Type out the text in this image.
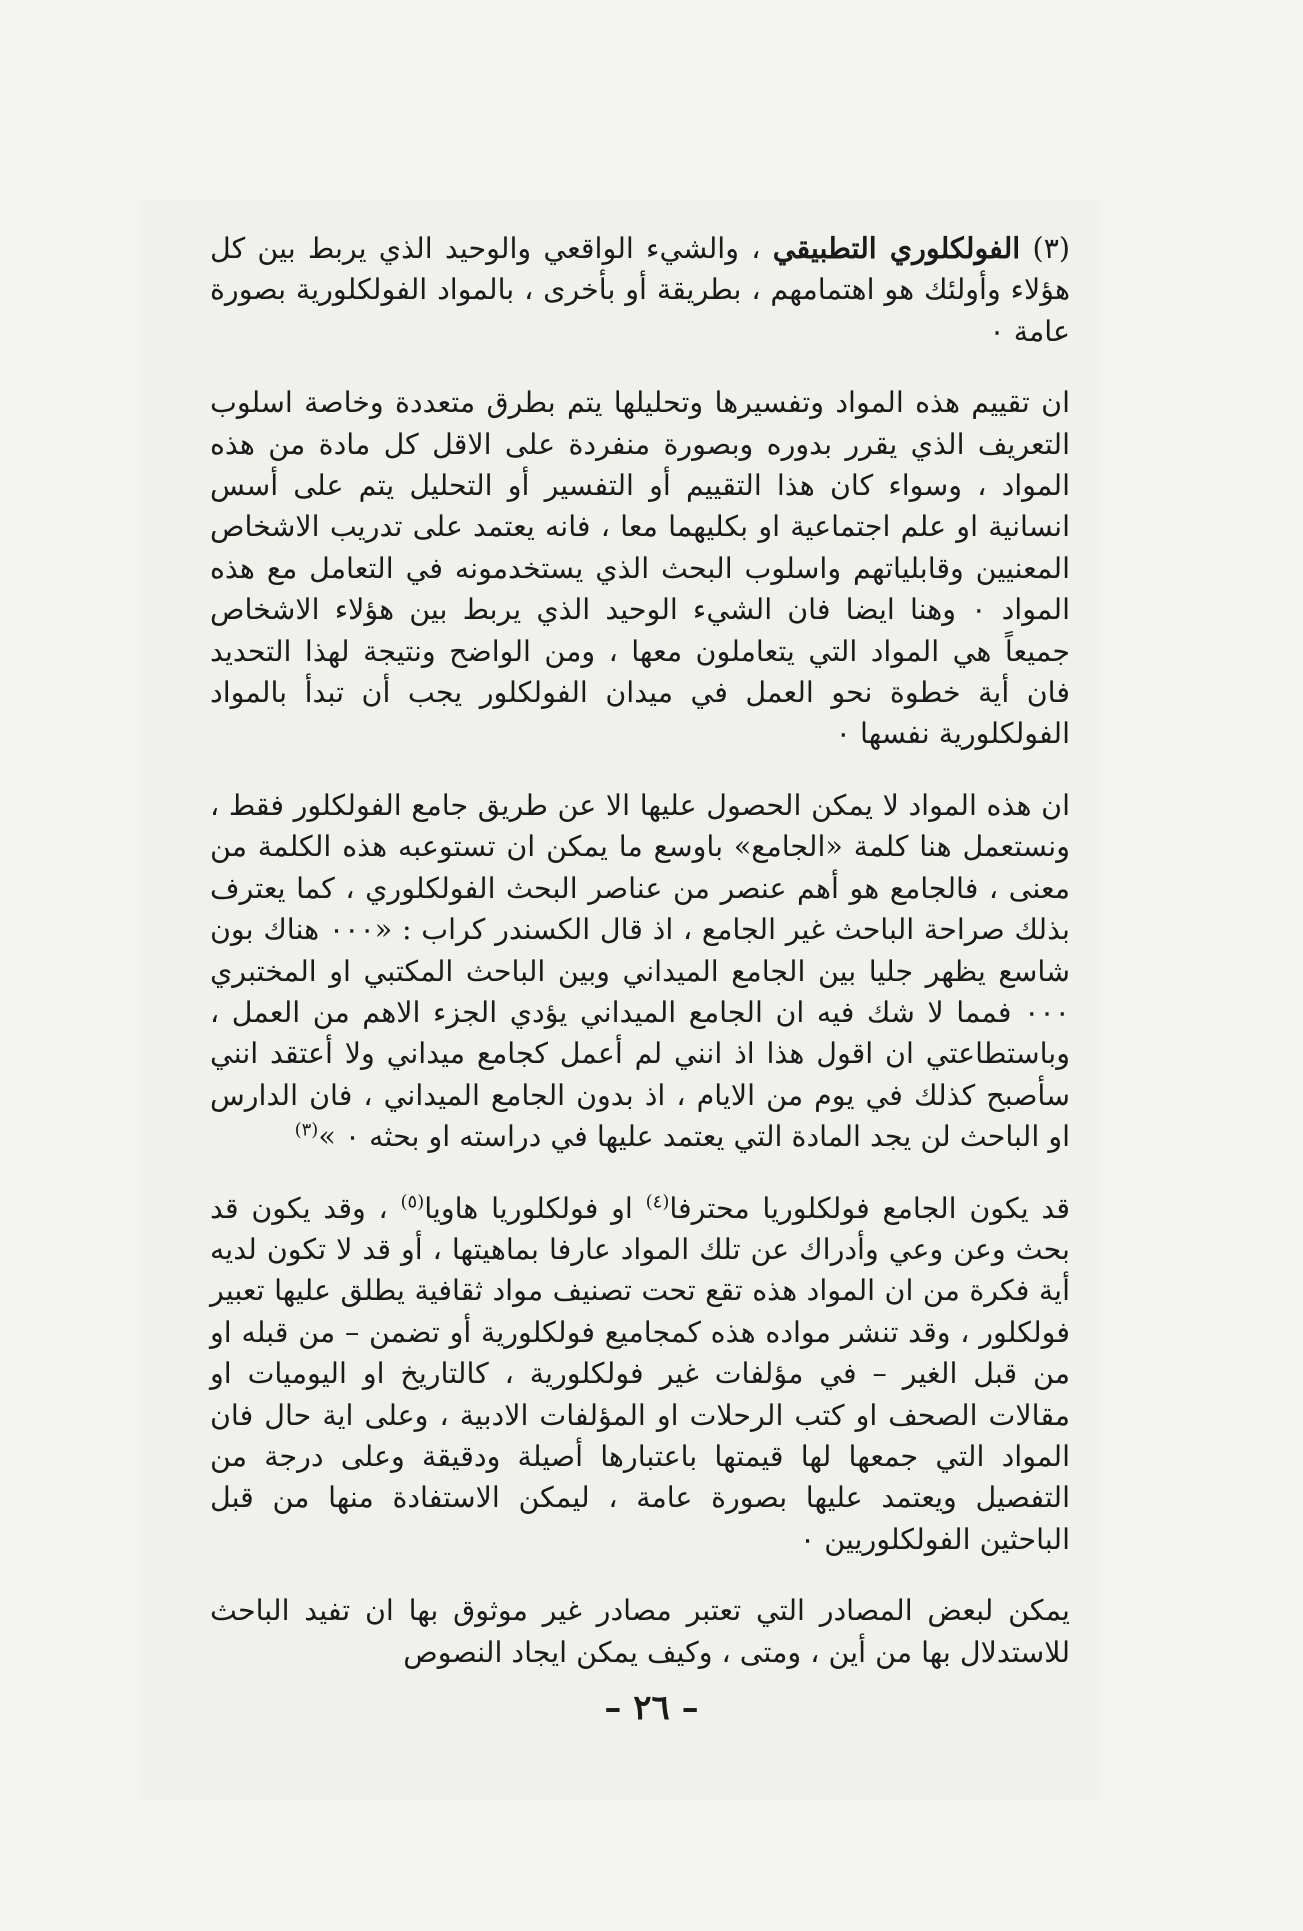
(٣) الفولكلوري التطبيقي ، والشيء الواقعي والوحيد الذي يربط بين كل هؤلاء وأولئك هو اهتمامهم ، بطريقة أو بأخرى ، بالمواد الفولكلورية بصورة عامة ٠

ان تقييم هذه المواد وتفسيرها وتحليلها يتم بطرق متعددة وخاصة اسلوب التعريف الذي يقرر بدوره وبصورة منفردة على الاقل كل مادة من هذه المواد ، وسواء كان هذا التقييم أو التفسير أو التحليل يتم على أسس انسانية او علم اجتماعية او بكليهما معا ، فانه يعتمد على تدريب الاشخاص المعنيين وقابلياتهم واسلوب البحث الذي يستخدمونه في التعامل مع هذه المواد ٠ وهنا ايضا فان الشيء الوحيد الذي يربط بين هؤلاء الاشخاص جميعاً هي المواد التي يتعاملون معها ، ومن الواضح ونتيجة لهذا التحديد فان أية خطوة نحو العمل في ميدان الفولكلور يجب أن تبدأ بالمواد الفولكلورية نفسها ٠

ان هذه المواد لا يمكن الحصول عليها الا عن طريق جامع الفولكلور فقط ، ونستعمل هنا كلمة «الجامع» باوسع ما يمكن ان تستوعبه هذه الكلمة من معنى ، فالجامع هو أهم عنصر من عناصر البحث الفولكلوري ، كما يعترف بذلك صراحة الباحث غير الجامع ، اذ قال الكسندر كراب : «٠٠٠ هناك بون شاسع يظهر جليا بين الجامع الميداني وبين الباحث المكتبي او المختبري ٠٠٠ فمما لا شك فيه ان الجامع الميداني يؤدي الجزء الاهم من العمل ، وباستطاعتي ان اقول هذا اذ انني لم أعمل كجامع ميداني ولا أعتقد انني سأصبح كذلك في يوم من الايام ، اذ بدون الجامع الميداني ، فان الدارس او الباحث لن يجد المادة التي يعتمد عليها في دراسته او بحثه ٠ »$^{(٣)}$

قد يكون الجامع فولكلوريا محترفا$^{(٤)}$ او فولكلوريا هاويا$^{(٥)}$ ، وقد يكون قد بحث وعن وعي وأدراك عن تلك المواد عارفا بماهيتها ، أو قد لا تكون لديه أية فكرة من ان المواد هذه تقع تحت تصنيف مواد ثقافية يطلق عليها تعبير فولكلور ، وقد تنشر مواده هذه كمجاميع فولكلورية أو تضمن – من قبله او من قبل الغير – في مؤلفات غير فولكلورية ، كالتاريخ او اليوميات او مقالات الصحف او كتب الرحلات او المؤلفات الادبية ، وعلى اية حال فان المواد التي جمعها لها قيمتها باعتبارها أصيلة ودقيقة وعلى درجة من التفصيل ويعتمد عليها بصورة عامة ، ليمكن الاستفادة منها من قبل الباحثين الفولكلوريين ٠

يمكن لبعض المصادر التي تعتبر مصادر غير موثوق بها ان تفيد الباحث للاستدلال بها من أين ، ومتى ، وكيف يمكن ايجاد النصوص

– ٢٦ –
